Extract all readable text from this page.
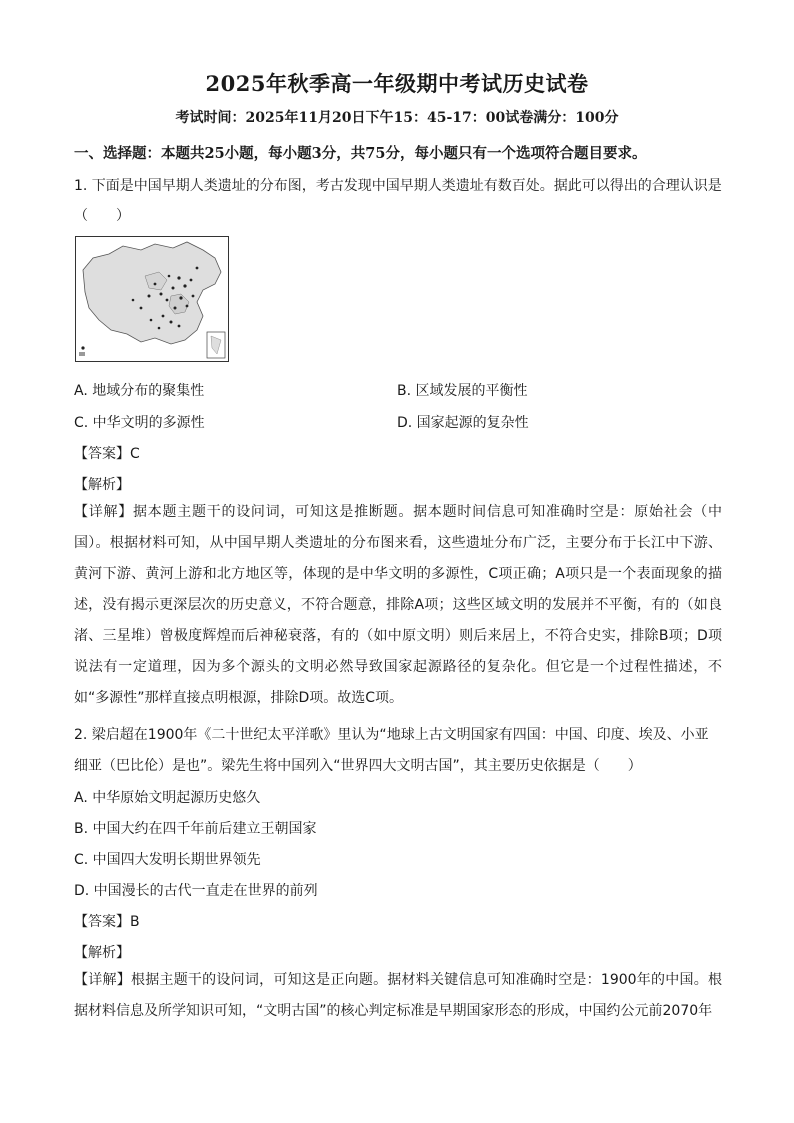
2025年秋季高一年级期中考试历史试卷
考试时间：2025年11月20日下午15：45-17：00试卷满分：100分
一、选择题：本题共25小题，每小题3分，共75分，每小题只有一个选项符合题目要求。
1. 下面是中国早期人类遗址的分布图，考古发现中国早期人类遗址有数百处。据此可以得出的合理认识是
（　　）
A. 地域分布的聚集性	B. 区域发展的平衡性
C. 中华文明的多源性	D. 国家起源的复杂性
【答案】C
【解析】

【详解】据本题主题干的设问词，可知这是推断题。据本题时间信息可知准确时空是：原始社会（中国）。根据材料可知，从中国早期人类遗址的分布图来看，这些遗址分布广泛，主要分布于长江中下游、黄河下游、黄河上游和北方地区等，体现的是中华文明的多源性，C项正确；A项只是一个表面现象的描述，没有揭示更深层次的历史意义，不符合题意，排除A项；这些区域文明的发展并不平衡，有的（如良渚、三星堆）曾极度辉煌而后神秘衰落，有的（如中原文明）则后来居上，不符合史实，排除B项；D项说法有一定道理，因为多个源头的文明必然导致国家起源路径的复杂化。但它是一个过程性描述，不如“多源性”那样直接点明根源，排除D项。故选C项。

2. 梁启超在1900年《二十世纪太平洋歌》里认为“地球上古文明国家有四国：中国、印度、埃及、小亚
细亚（巴比伦）是也”。梁先生将中国列入“世界四大文明古国”，其主要历史依据是（　　）
A. 中华原始文明起源历史悠久
B. 中国大约在四千年前后建立王朝国家
C. 中国四大发明长期世界领先
D. 中国漫长的古代一直走在世界的前列
【答案】B
【解析】

【详解】根据主题干的设问词，可知这是正向题。据材料关键信息可知准确时空是：1900年的中国。根据材料信息及所学知识可知，“文明古国”的核心判定标准是早期国家形态的形成，中国约公元前2070年
